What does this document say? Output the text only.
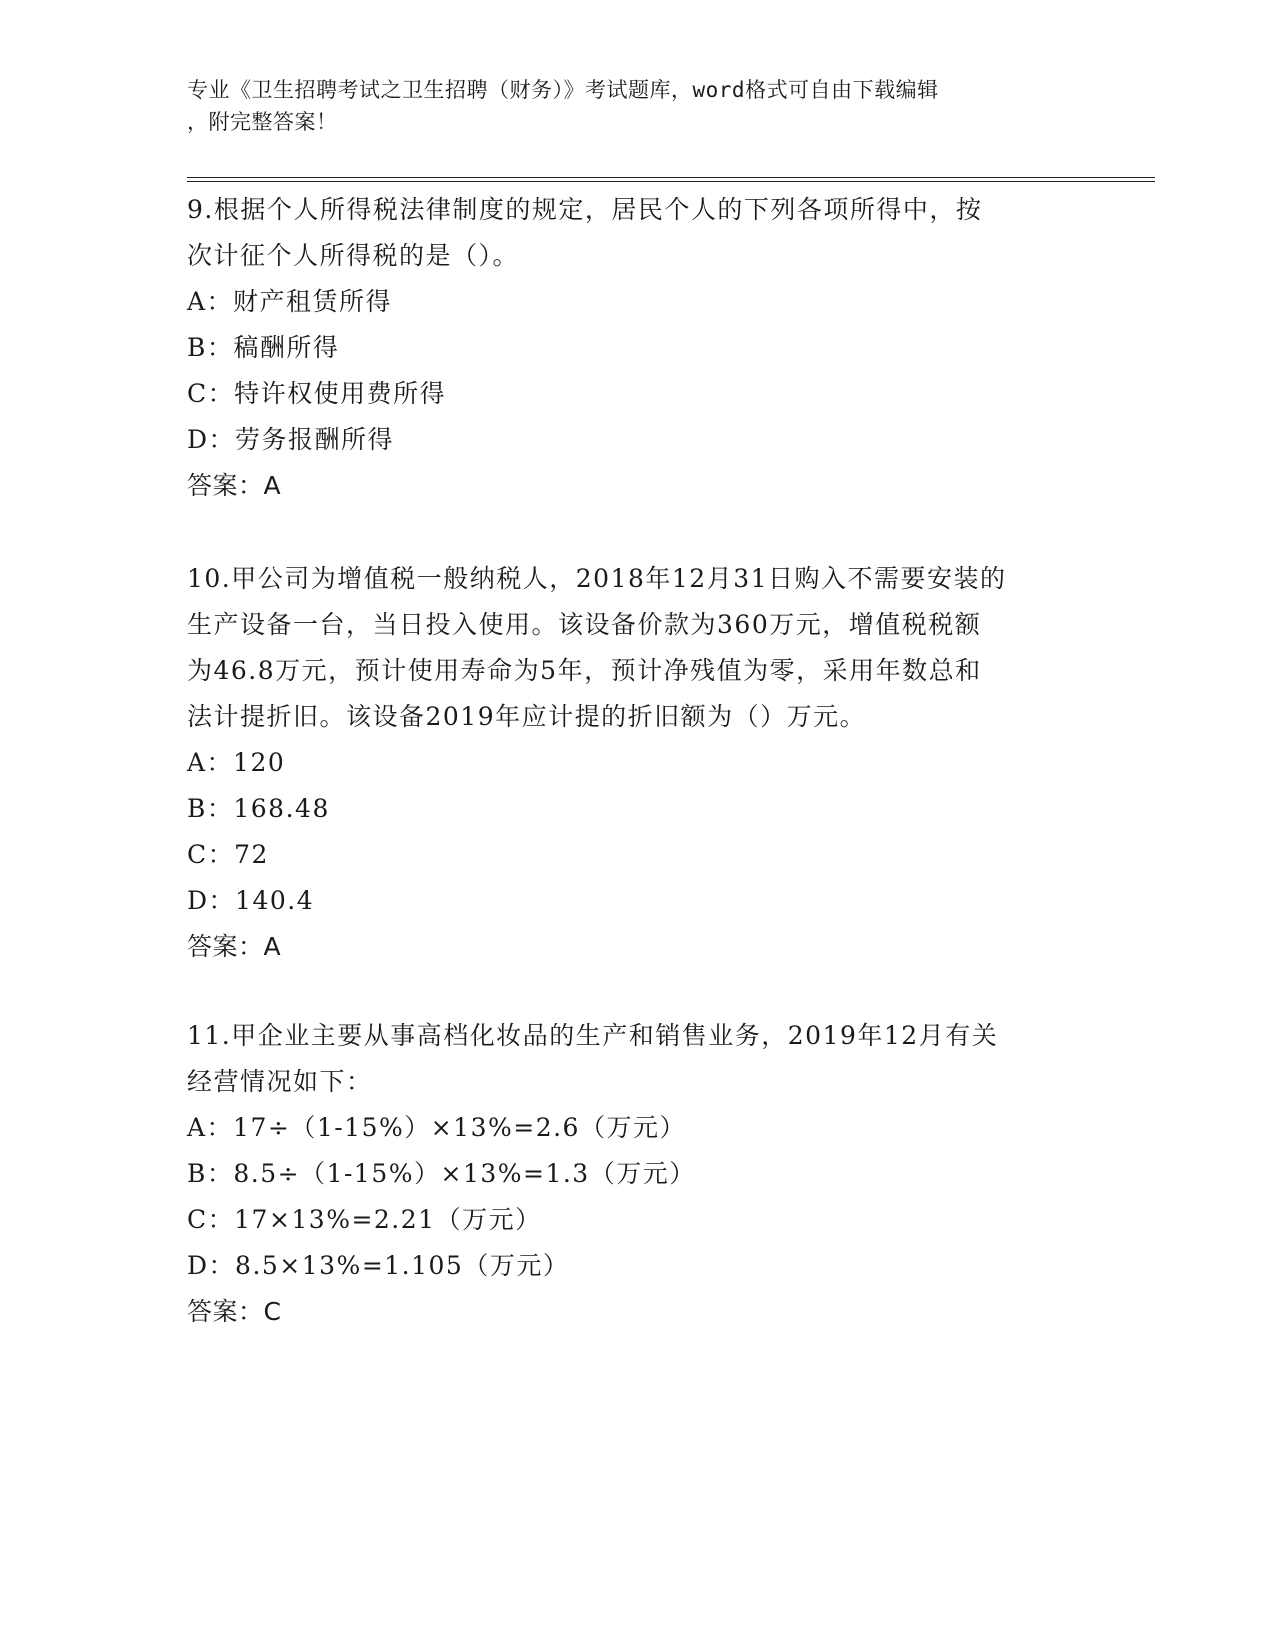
专业《卫生招聘考试之卫生招聘（财务）》考试题库，word格式可自由下载编辑
，附完整答案！
9.根据个人所得税法律制度的规定，居民个人的下列各项所得中，按
次计征个人所得税的是（）。
A：财产租赁所得
B：稿酬所得
C：特许权使用费所得
D：劳务报酬所得
答案：A
10.甲公司为增值税一般纳税人，2018年12月31日购入不需要安装的
生产设备一台，当日投入使用。该设备价款为360万元，增值税税额
为46.8万元，预计使用寿命为5年，预计净残值为零，采用年数总和
法计提折旧。该设备2019年应计提的折旧额为（）万元。
A：120
B：168.48
C：72
D：140.4
答案：A
11.甲企业主要从事高档化妆品的生产和销售业务，2019年12月有关
经营情况如下：
A：17÷（1-15%）×13%=2.6（万元）
B：8.5÷（1-15%）×13%=1.3（万元）
C：17×13%=2.21（万元）
D：8.5×13%=1.105（万元）
答案：C
